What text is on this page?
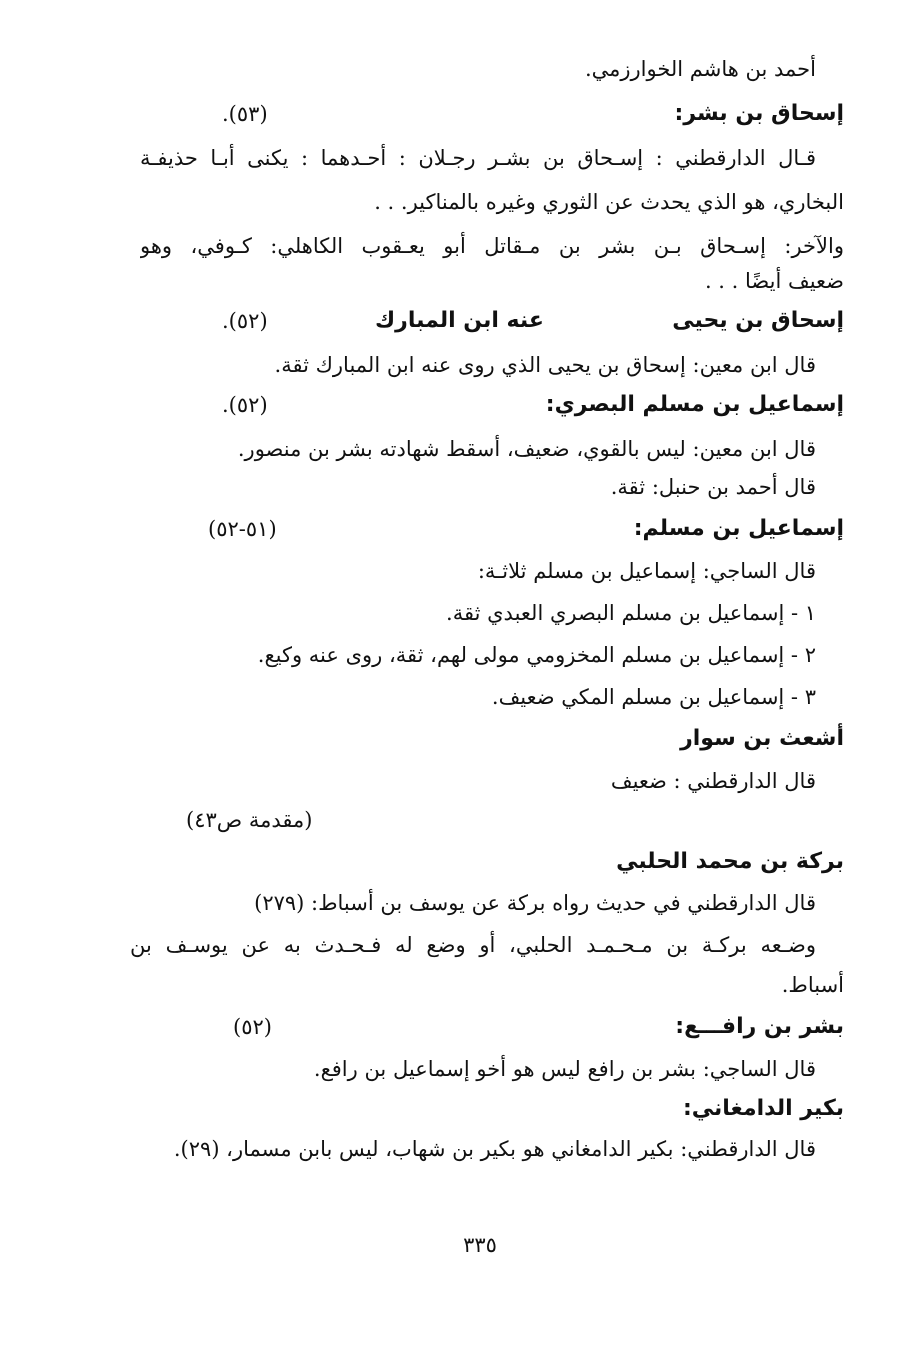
أحمد بن هاشم الخوارزمي.
إسحاق بن بشر:
(٥٣).
قـال الدارقطني : إسـحاق بن بشـر رجـلان : أحـدهما : يكنى أبـا حذيفـة
البخاري، هو الذي يحدث عن الثوري وغيره بالمناكير. . .
والآخر: إسـحاق بـن بشر بن مـقاتل أبو يعـقوب الكاهلي: كـوفي، وهو
ضعيف أيضًا . . .
إسحاق بن يحيى
عنه ابن المبارك
(٥٢).
قال ابن معين: إسحاق بن يحيى الذي روى عنه ابن المبارك ثقة.
إسماعيل بن مسلم البصري:
(٥٢).
قال ابن معين: ليس بالقوي، ضعيف، أسقط شهادته بشر بن منصور.
قال أحمد بن حنبل: ثقة.
إسماعيل بن مسلم:
(٥١-٥٢)
قال الساجي: إسماعيل بن مسلم ثلاثـة:
١ - إسماعيل بن مسلم البصري العبدي ثقة.
٢ - إسماعيل بن مسلم المخزومي مولى لهم، ثقة، روى عنه وكيع.
٣ - إسماعيل بن مسلم المكي ضعيف.
أشعث بن سوار
قال الدارقطني : ضعيف
(مقدمة ص٤٣)
بركة بن محمد الحلبي
قال الدارقطني في حديث رواه بركة عن يوسف بن أسباط: (٢٧٩)
وضـعه بركـة بن مـحـمـد الحلبي، أو وضع له فـحـدث به عن يوسـف بن
أسباط.
بشر بن رافـــع:
(٥٢)
قال الساجي: بشر بن رافع ليس هو أخو إسماعيل بن رافع.
بكير الدامغاني:
قال الدارقطني: بكير الدامغاني هو بكير بن شهاب، ليس بابن مسمار، (٢٩).
٣٣٥
